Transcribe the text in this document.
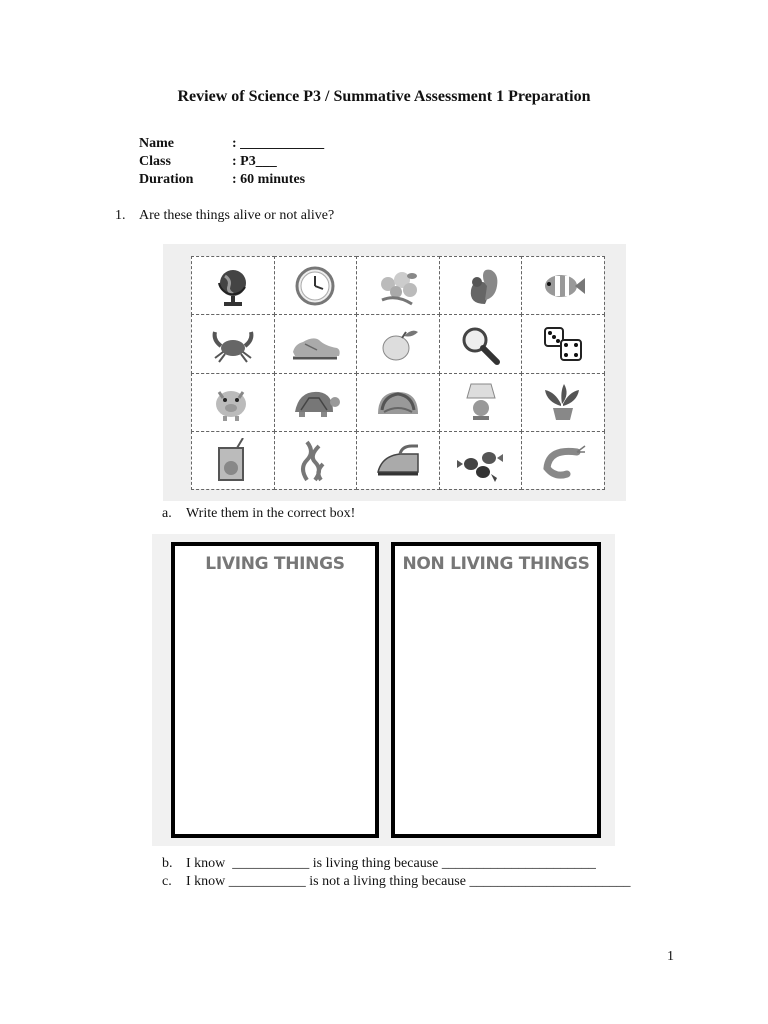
Review of Science P3 / Summative Assessment 1 Preparation
Name	: ____________
Class	: P3___
Duration	: 60 minutes
1. Are these things alive or not alive?
a. Write them in the correct box!
LIVING THINGS	NON LIVING THINGS
b. I know  ___________ is living thing because ______________________
c. I know ___________ is not a living thing because _______________________
1
